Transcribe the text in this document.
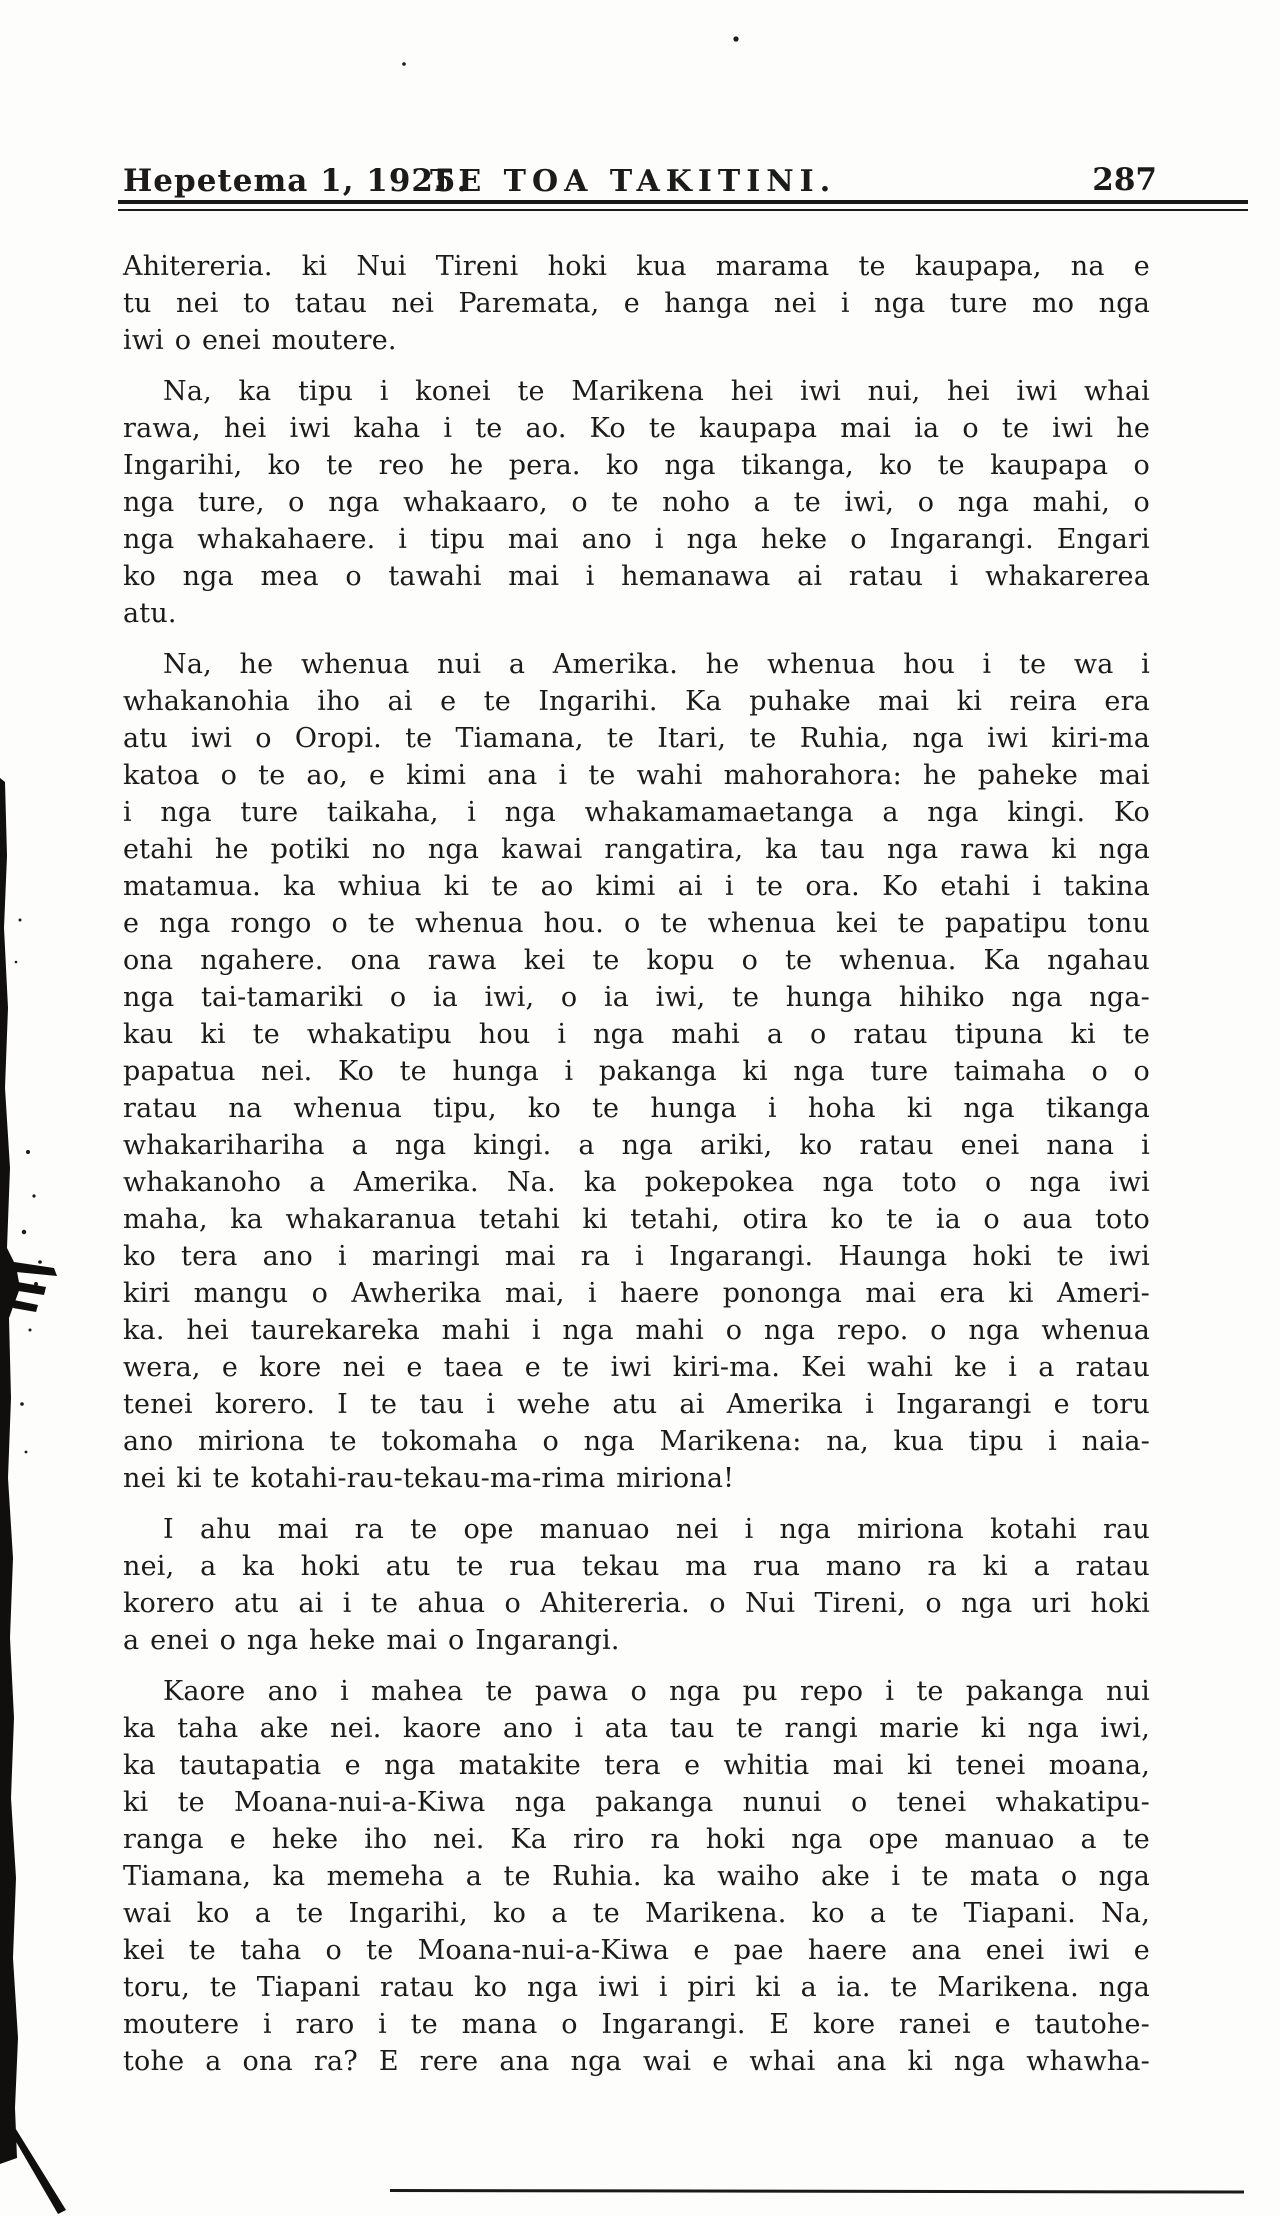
Hepetema 1, 1925.
TE TOA TAKITINI.	287
Ahitereria. ki Nui Tireni hoki kua marama te kaupapa, na e
tu nei to tatau nei Paremata, e hanga nei i nga ture mo nga
iwi o enei moutere.
Na, ka tipu i konei te Marikena hei iwi nui, hei iwi whai
rawa, hei iwi kaha i te ao. Ko te kaupapa mai ia o te iwi he
Ingarihi, ko te reo he pera. ko nga tikanga, ko te kaupapa o
nga ture, o nga whakaaro, o te noho a te iwi, o nga mahi, o
nga whakahaere. i tipu mai ano i nga heke o Ingarangi. Engari
ko nga mea o tawahi mai i hemanawa ai ratau i whakarerea
atu.
Na, he whenua nui a Amerika. he whenua hou i te wa i
whakanohia iho ai e te Ingarihi. Ka puhake mai ki reira era
atu iwi o Oropi. te Tiamana, te Itari, te Ruhia, nga iwi kiri-ma
katoa o te ao, e kimi ana i te wahi mahorahora: he paheke mai
i nga ture taikaha, i nga whakamamaetanga a nga kingi. Ko
etahi he potiki no nga kawai rangatira, ka tau nga rawa ki nga
matamua. ka whiua ki te ao kimi ai i te ora. Ko etahi i takina
e nga rongo o te whenua hou. o te whenua kei te papatipu tonu
ona ngahere. ona rawa kei te kopu o te whenua. Ka ngahau
nga tai-tamariki o ia iwi, o ia iwi, te hunga hihiko nga nga-
kau ki te whakatipu hou i nga mahi a o ratau tipuna ki te
papatua nei. Ko te hunga i pakanga ki nga ture taimaha o o
ratau na whenua tipu, ko te hunga i hoha ki nga tikanga
whakarihariha a nga kingi. a nga ariki, ko ratau enei nana i
whakanoho a Amerika. Na. ka pokepokea nga toto o nga iwi
maha, ka whakaranua tetahi ki tetahi, otira ko te ia o aua toto
ko tera ano i maringi mai ra i Ingarangi. Haunga hoki te iwi
kiri mangu o Awherika mai, i haere pononga mai era ki Ameri-
ka. hei taurekareka mahi i nga mahi o nga repo. o nga whenua
wera, e kore nei e taea e te iwi kiri-ma. Kei wahi ke i a ratau
tenei korero. I te tau i wehe atu ai Amerika i Ingarangi e toru
ano miriona te tokomaha o nga Marikena: na, kua tipu i naia-
nei ki te kotahi-rau-tekau-ma-rima miriona!
I ahu mai ra te ope manuao nei i nga miriona kotahi rau
nei, a ka hoki atu te rua tekau ma rua mano ra ki a ratau
korero atu ai i te ahua o Ahitereria. o Nui Tireni, o nga uri hoki
a enei o nga heke mai o Ingarangi.
Kaore ano i mahea te pawa o nga pu repo i te pakanga nui
ka taha ake nei. kaore ano i ata tau te rangi marie ki nga iwi,
ka tautapatia e nga matakite tera e whitia mai ki tenei moana,
ki te Moana-nui-a-Kiwa nga pakanga nunui o tenei whakatipu-
ranga e heke iho nei. Ka riro ra hoki nga ope manuao a te
Tiamana, ka memeha a te Ruhia. ka waiho ake i te mata o nga
wai ko a te Ingarihi, ko a te Marikena. ko a te Tiapani. Na,
kei te taha o te Moana-nui-a-Kiwa e pae haere ana enei iwi e
toru, te Tiapani ratau ko nga iwi i piri ki a ia. te Marikena. nga
moutere i raro i te mana o Ingarangi. E kore ranei e tautohe-
tohe a ona ra? E rere ana nga wai e whai ana ki nga whawha-
